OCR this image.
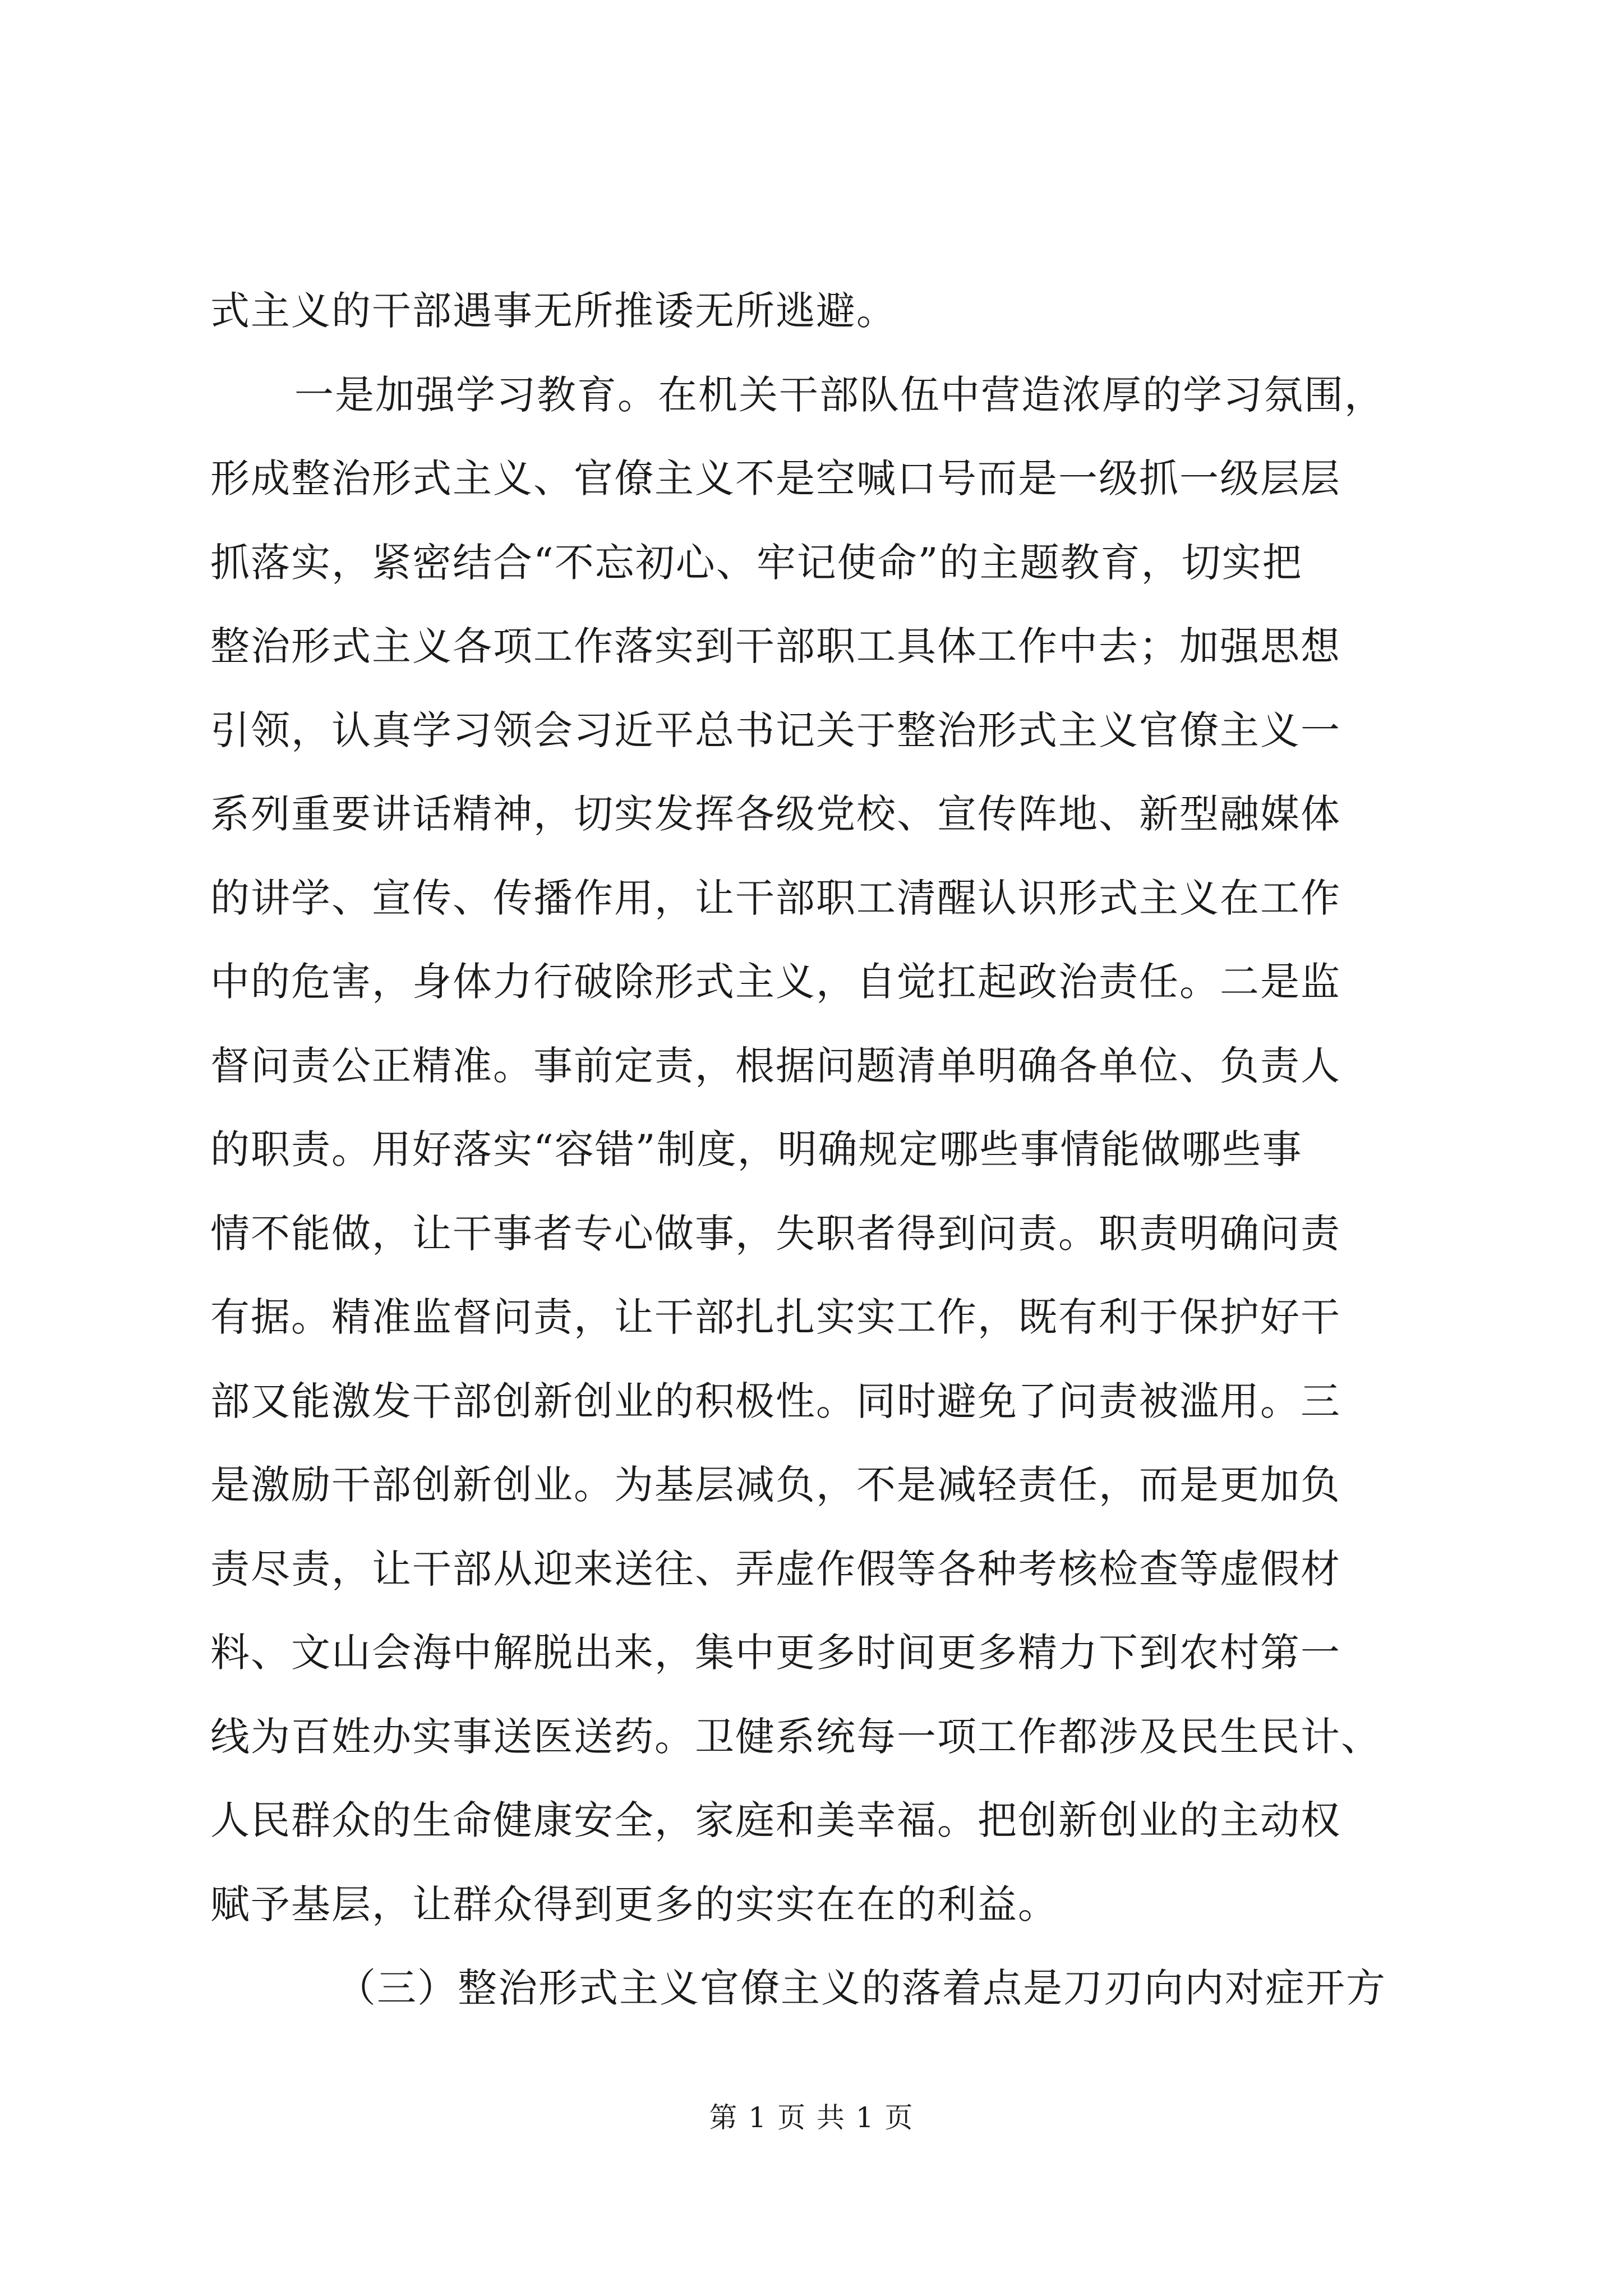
式主义的干部遇事无所推诿无所逃避。
一是加强学习教育。在机关干部队伍中营造浓厚的学习氛围，
形成整治形式主义、官僚主义不是空喊口号而是一级抓一级层层
抓落实，紧密结合“不忘初心、牢记使命”的主题教育，切实把
整治形式主义各项工作落实到干部职工具体工作中去；加强思想
引领，认真学习领会习近平总书记关于整治形式主义官僚主义一
系列重要讲话精神，切实发挥各级党校、宣传阵地、新型融媒体
的讲学、宣传、传播作用，让干部职工清醒认识形式主义在工作
中的危害，身体力行破除形式主义，自觉扛起政治责任。二是监
督问责公正精准。事前定责，根据问题清单明确各单位、负责人
的职责。用好落实“容错”制度，明确规定哪些事情能做哪些事
情不能做，让干事者专心做事，失职者得到问责。职责明确问责
有据。精准监督问责，让干部扎扎实实工作，既有利于保护好干
部又能激发干部创新创业的积极性。同时避免了问责被滥用。三
是激励干部创新创业。为基层减负，不是减轻责任，而是更加负
责尽责，让干部从迎来送往、弄虚作假等各种考核检查等虚假材
料、文山会海中解脱出来，集中更多时间更多精力下到农村第一
线为百姓办实事送医送药。卫健系统每一项工作都涉及民生民计、
人民群众的生命健康安全，家庭和美幸福。把创新创业的主动权
赋予基层，让群众得到更多的实实在在的利益。
（三）整治形式主义官僚主义的落着点是刀刃向内对症开方
第 1 页 共 1 页
